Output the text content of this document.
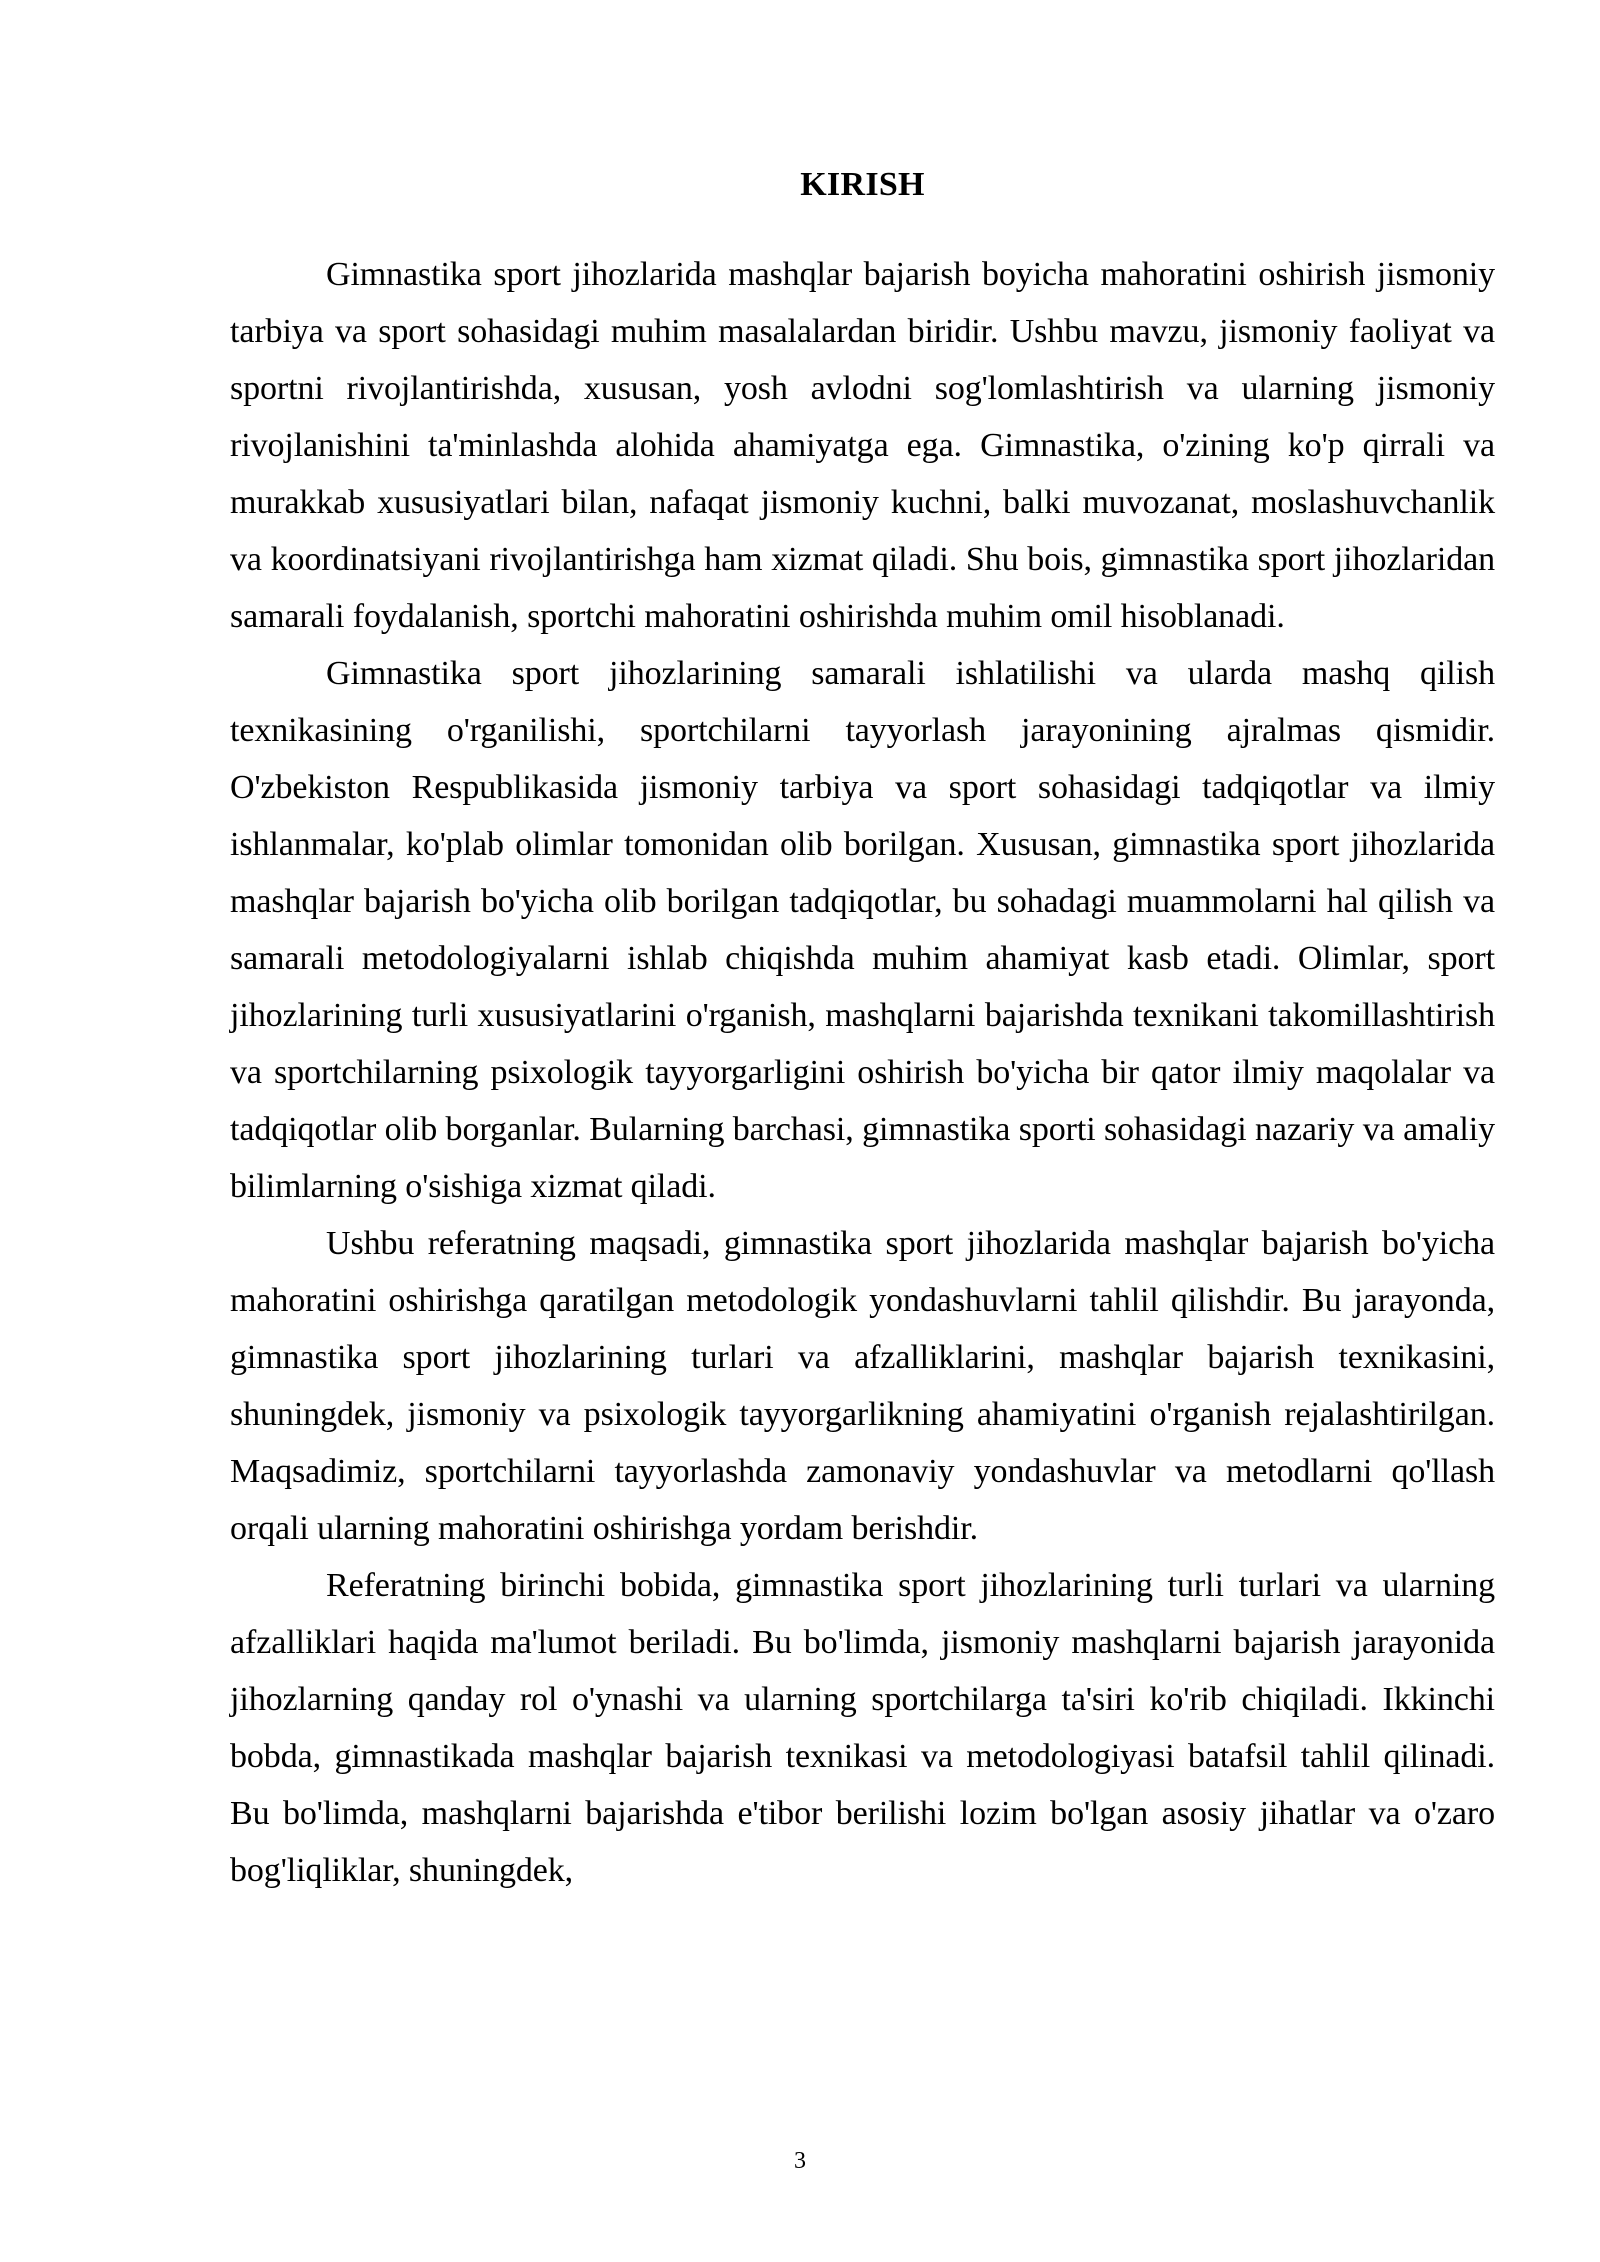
KIRISH

Gimnastika sport jihozlarida mashqlar bajarish boyicha mahoratini oshirish jismoniy tarbiya va sport sohasidagi muhim masalalardan biridir. Ushbu mavzu, jismoniy faoliyat va sportni rivojlantirishda, xususan, yosh avlodni sog'lomlashtirish va ularning jismoniy rivojlanishini ta'minlashda alohida ahamiyatga ega. Gimnastika, o'zining ko'p qirrali va murakkab xususiyatlari bilan, nafaqat jismoniy kuchni, balki muvozanat, moslashuvchanlik va koordinatsiyani rivojlantirishga ham xizmat qiladi. Shu bois, gimnastika sport jihozlaridan samarali foydalanish, sportchi mahoratini oshirishda muhim omil hisoblanadi.

Gimnastika sport jihozlarining samarali ishlatilishi va ularda mashq qilish texnikasining o'rganilishi, sportchilarni tayyorlash jarayonining ajralmas qismidir. O'zbekiston Respublikasida jismoniy tarbiya va sport sohasidagi tadqiqotlar va ilmiy ishlanmalar, ko'plab olimlar tomonidan olib borilgan. Xususan, gimnastika sport jihozlarida mashqlar bajarish bo'yicha olib borilgan tadqiqotlar, bu sohadagi muammolarni hal qilish va samarali metodologiyalarni ishlab chiqishda muhim ahamiyat kasb etadi. Olimlar, sport jihozlarining turli xususiyatlarini o'rganish, mashqlarni bajarishda texnikani takomillashtirish va sportchilarning psixologik tayyorgarligini oshirish bo'yicha bir qator ilmiy maqolalar va tadqiqotlar olib borganlar. Bularning barchasi, gimnastika sporti sohasidagi nazariy va amaliy bilimlarning o'sishiga xizmat qiladi.

Ushbu referatning maqsadi, gimnastika sport jihozlarida mashqlar bajarish bo'yicha mahoratini oshirishga qaratilgan metodologik yondashuvlarni tahlil qilishdir. Bu jarayonda, gimnastika sport jihozlarining turlari va afzalliklarini, mashqlar bajarish texnikasini, shuningdek, jismoniy va psixologik tayyorgarlikning ahamiyatini o'rganish rejalashtirilgan. Maqsadimiz, sportchilarni tayyorlashda zamonaviy yondashuvlar va metodlarni qo'llash orqali ularning mahoratini oshirishga yordam berishdir.

Referatning birinchi bobida, gimnastika sport jihozlarining turli turlari va ularning afzalliklari haqida ma'lumot beriladi. Bu bo'limda, jismoniy mashqlarni bajarish jarayonida jihozlarning qanday rol o'ynashi va ularning sportchilarga ta'siri ko'rib chiqiladi. Ikkinchi bobda, gimnastikada mashqlar bajarish texnikasi va metodologiyasi batafsil tahlil qilinadi. Bu bo'limda, mashqlarni bajarishda e'tibor berilishi lozim bo'lgan asosiy jihatlar va o'zaro bog'liqliklar, shuningdek,

3
